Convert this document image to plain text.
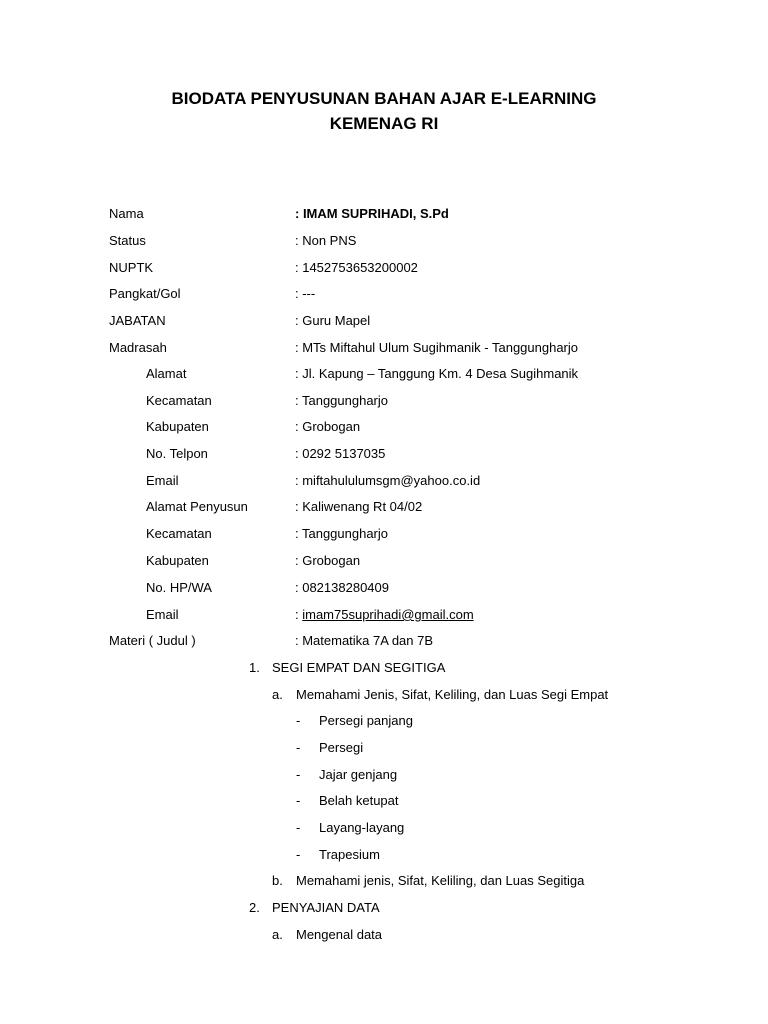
BIODATA PENYUSUNAN BAHAN AJAR E-LEARNING
KEMENAG RI
Nama	: IMAM SUPRIHADI, S.Pd
Status	: Non PNS
NUPTK	: 1452753653200002
Pangkat/Gol	: ---
JABATAN	: Guru Mapel
Madrasah	: MTs Miftahul Ulum Sugihmanik - Tanggungharjo
Alamat	: Jl. Kapung – Tanggung Km. 4 Desa Sugihmanik
Kecamatan	: Tanggungharjo
Kabupaten	: Grobogan
No. Telpon	: 0292 5137035
Email	: miftahululumsgm@yahoo.co.id
Alamat Penyusun	: Kaliwenang Rt 04/02
Kecamatan	: Tanggungharjo
Kabupaten	: Grobogan
No. HP/WA	: 082138280409
Email	: imam75suprihadi@gmail.com
Materi ( Judul )	: Matematika 7A dan 7B
1. SEGI EMPAT DAN SEGITIGA
a. Memahami Jenis, Sifat, Keliling, dan Luas Segi Empat
- Persegi panjang
- Persegi
- Jajar genjang
- Belah ketupat
- Layang-layang
- Trapesium
b. Memahami jenis, Sifat, Keliling, dan Luas Segitiga
2. PENYAJIAN DATA
a. Mengenal data
